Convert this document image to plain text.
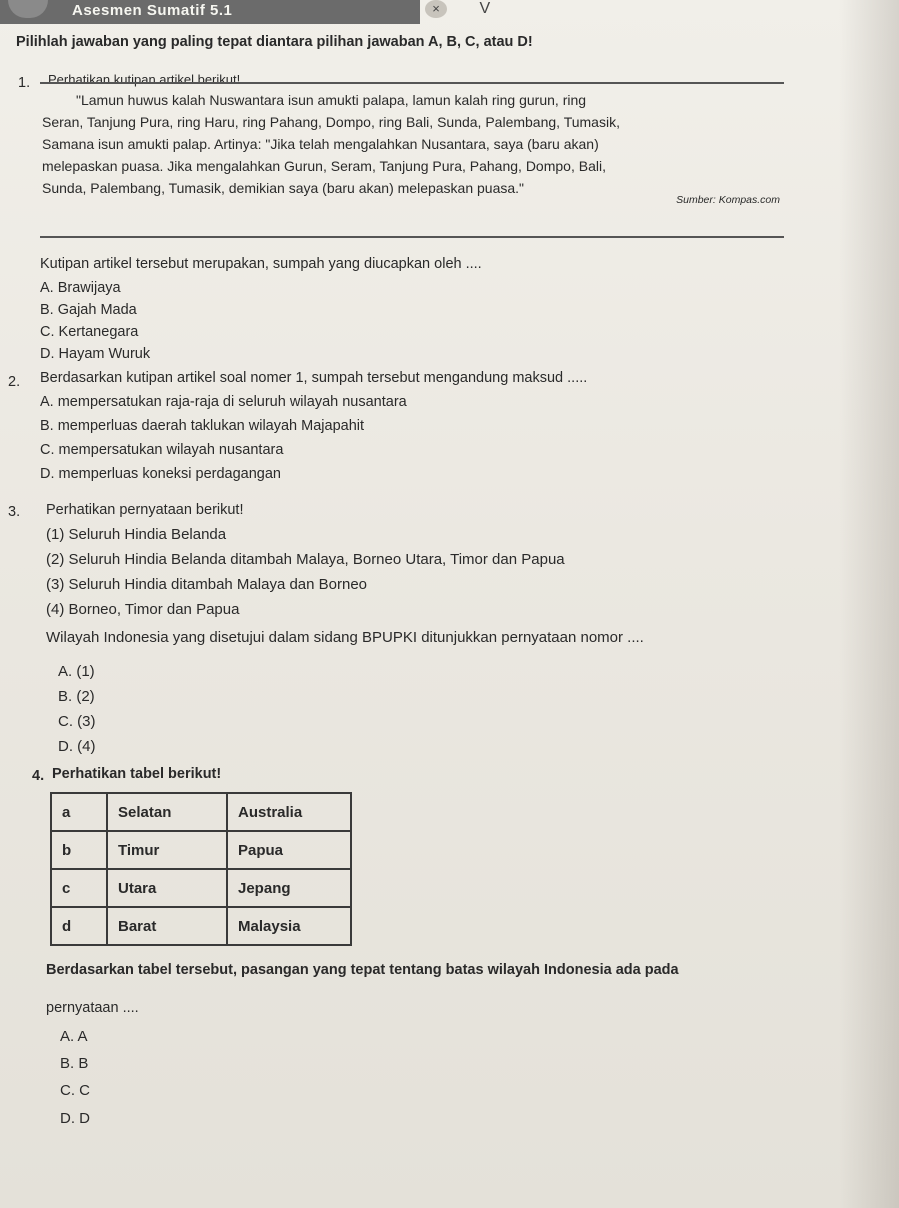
Asesmen Sumatif 5.1	× V
Pilihlah jawaban yang paling tepat diantara pilihan jawaban A, B, C, atau D!
1. Perhatikan kutipan artikel berikut!
"Lamun huwus kalah Nuswantara isun amukti palapa, lamun kalah ring gurun, ring
Seran, Tanjung Pura, ring Haru, ring Pahang, Dompo, ring Bali, Sunda, Palembang, Tumasik,
Samana isun amukti palap. Artinya: "Jika telah mengalahkan Nusantara, saya (baru akan)
melepaskan puasa. Jika mengalahkan Gurun, Seram, Tanjung Pura, Pahang, Dompo, Bali,
Sunda, Palembang, Tumasik, demikian saya (baru akan) melepaskan puasa."
Sumber: Kompas.com
Kutipan artikel tersebut merupakan, sumpah yang diucapkan oleh ....
A. Brawijaya
B. Gajah Mada
C. Kertanegara
D. Hayam Wuruk
2. Berdasarkan kutipan artikel soal nomer 1, sumpah tersebut mengandung maksud .....
A. mempersatukan raja-raja di seluruh wilayah nusantara
B. memperluas daerah taklukan wilayah Majapahit
C. mempersatukan wilayah nusantara
D. memperluas koneksi perdagangan
3. Perhatikan pernyataan berikut!
(1) Seluruh Hindia Belanda
(2) Seluruh Hindia Belanda ditambah Malaya, Borneo Utara, Timor dan Papua
(3) Seluruh Hindia ditambah Malaya dan Borneo
(4) Borneo, Timor dan Papua
Wilayah Indonesia yang disetujui dalam sidang BPUPKI ditunjukkan pernyataan nomor ....
A. (1)
B. (2)
C. (3)
D. (4)
4. Perhatikan tabel berikut!
a	Selatan	Australia
b	Timur	Papua
c	Utara	Jepang
d	Barat	Malaysia
Berdasarkan tabel tersebut, pasangan yang tepat tentang batas wilayah Indonesia ada pada
pernyataan ....
A. A
B. B
C. C
D. D
